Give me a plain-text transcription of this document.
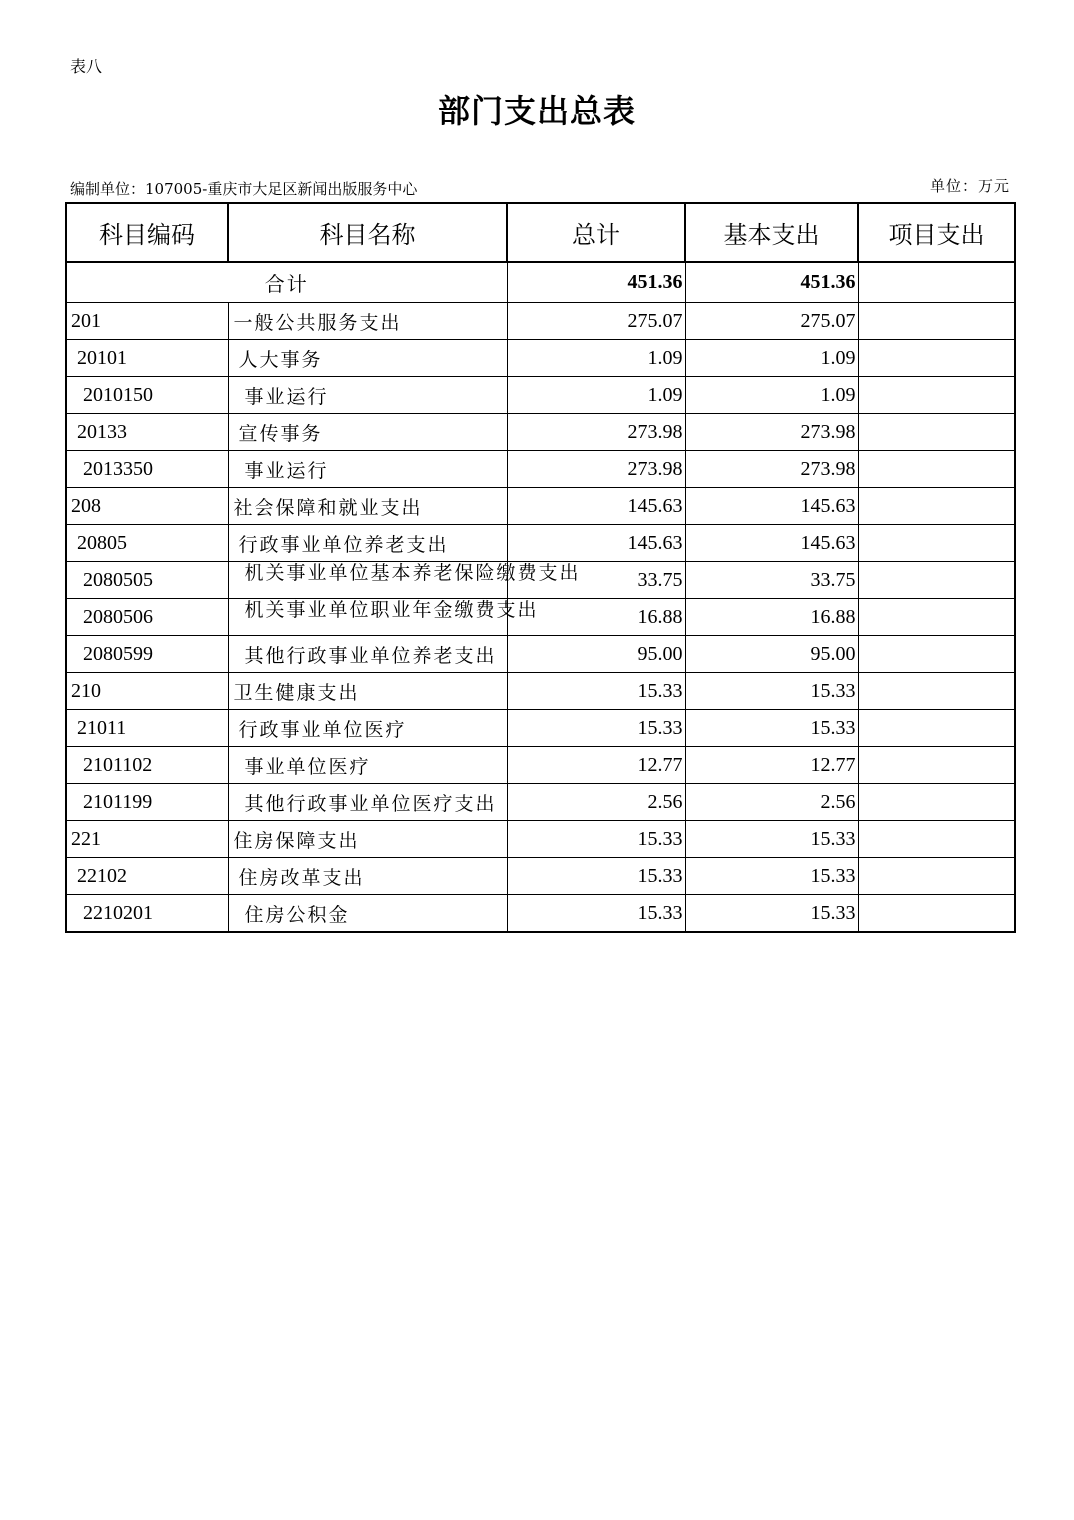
表八
部门支出总表
编制单位：107005-重庆市大足区新闻出版服务中心	单位：万元
科目编码	科目名称	总计	基本支出	项目支出
合计		451.36	451.36	
201	一般公共服务支出	275.07	275.07	
20101	人大事务	1.09	1.09	
2010150	事业运行	1.09	1.09	
20133	宣传事务	273.98	273.98	
2013350	事业运行	273.98	273.98	
208	社会保障和就业支出	145.63	145.63	
20805	行政事业单位养老支出	145.63	145.63	
2080505	机关事业单位基本养老保险缴费支出	33.75	33.75	
2080506	机关事业单位职业年金缴费支出	16.88	16.88	
2080599	其他行政事业单位养老支出	95.00	95.00	
210	卫生健康支出	15.33	15.33	
21011	行政事业单位医疗	15.33	15.33	
2101102	事业单位医疗	12.77	12.77	
2101199	其他行政事业单位医疗支出	2.56	2.56	
221	住房保障支出	15.33	15.33	
22102	住房改革支出	15.33	15.33	
2210201	住房公积金	15.33	15.33	
